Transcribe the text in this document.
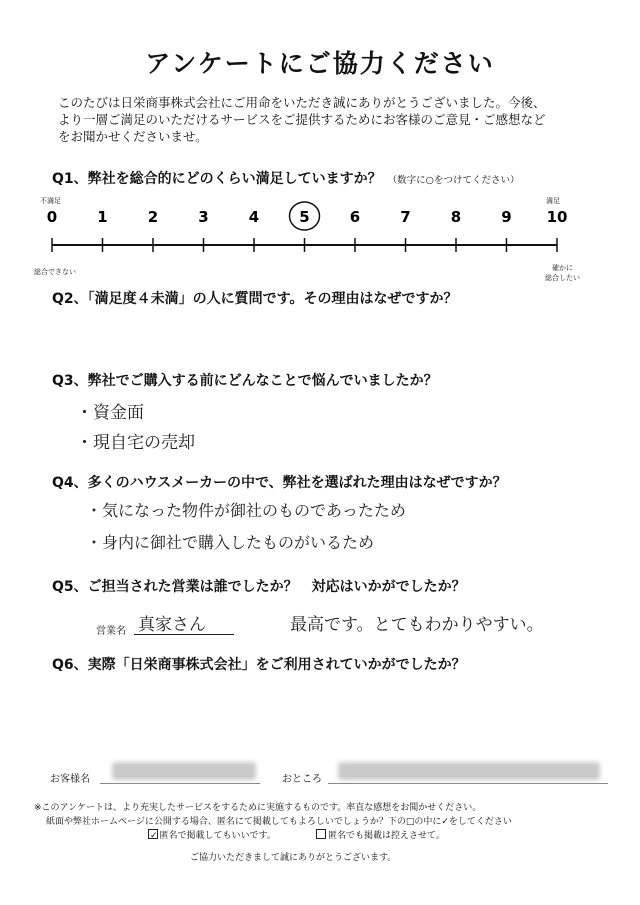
アンケートにご協力ください
このたびは日栄商事株式会社にご用命をいただき誠にありがとうございました。今後、
より一層ご満足のいただけるサービスをご提供するためにお客様のご意見・ご感想など
をお聞かせくださいませ。
Q1、弊社を総合的にどのくらい満足していますか？ （数字に○をつけてください）
不満足	満足
0	1	2	3	4	5	6	7	8	9 10
総合できない	確かに
総合したい
Q2、「満足度４未満」の人に質問です。その理由はなぜですか？
Q3、弊社でご購入する前にどんなことで悩んでいましたか？
・資金面
・現自宅の売却
Q4、多くのハウスメーカーの中で、弊社を選ばれた理由はなぜですか？
・気になった物件が御社のものであったため
・身内に御社で購入したものがいるため
Q5、ご担当された営業は誰でしたか？　対応はいかがでしたか？
営業名 真家さん	最高です。とてもわかりやすい。
Q6、実際「日栄商事株式会社」をご利用されていかがでしたか？
お客様名	おところ
※このアンケートは、より充実したサービスをするために実施するものです。率直な感想をお聞かせください。
紙面や弊社ホームページに公開する場合、匿名にて掲載してもよろしいでしょうか？下の□の中に✓をしてください
✓ 匿名で掲載してもいいです。	匿名でも掲載は控えさせて。
ご協力いただきまして誠にありがとうございます。
